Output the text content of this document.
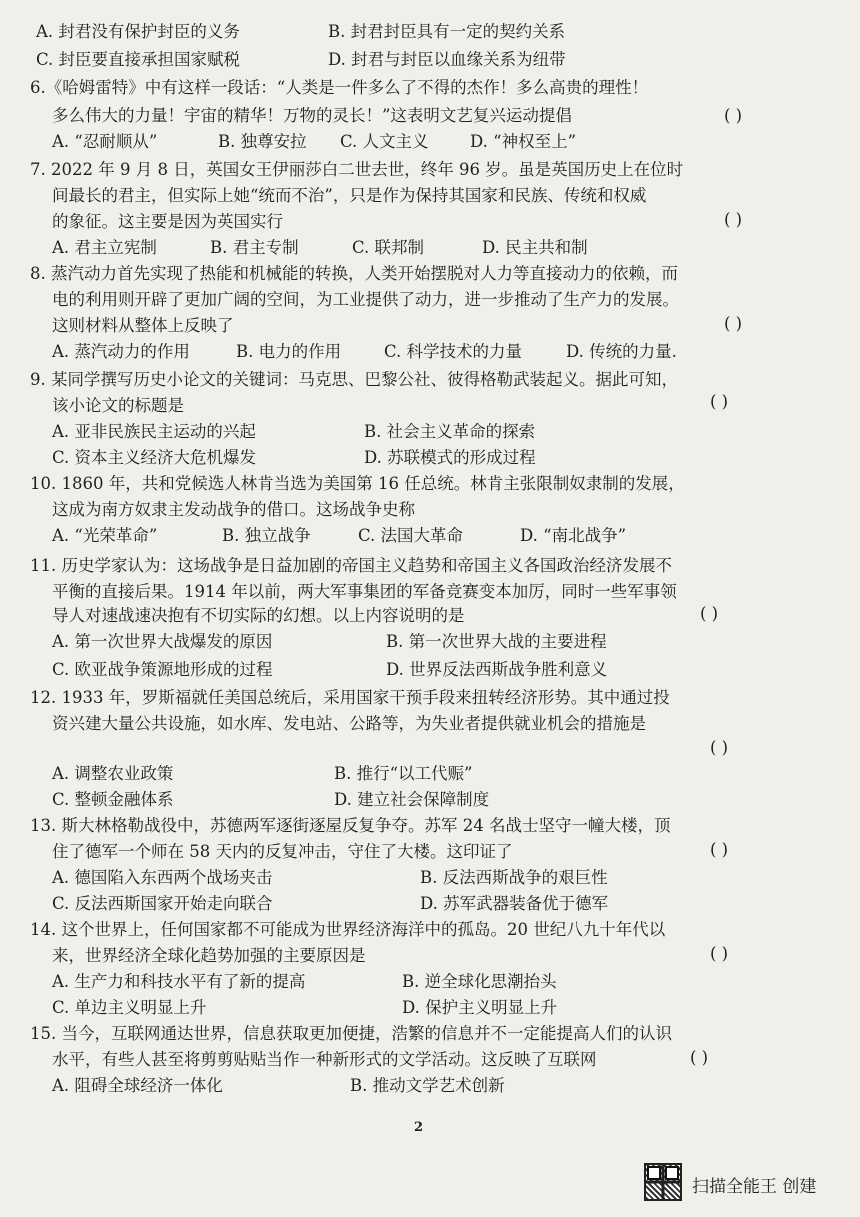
A. 封君没有保护封臣的义务	B. 封君封臣具有一定的契约关系
C. 封臣要直接承担国家赋税	D. 封君与封臣以血缘关系为纽带
6.《哈姆雷特》中有这样一段话：“人类是一件多么了不得的杰作！多么高贵的理性！
多么伟大的力量！宇宙的精华！万物的灵长！”这表明文艺复兴运动提倡	( )
A. “忍耐顺从”	B. 独尊安拉 C. 人文主义	D. “神权至上”
7. 2022 年 9 月 8 日，英国女王伊丽莎白二世去世，终年 96 岁。虽是英国历史上在位时
间最长的君主，但实际上她“统而不治”，只是作为保持其国家和民族、传统和权威
的象征。这主要是因为英国实行	( )
A. 君主立宪制	B. 君主专制	C. 联邦制	D. 民主共和制
8. 蒸汽动力首先实现了热能和机械能的转换，人类开始摆脱对人力等直接动力的依赖，而
电的利用则开辟了更加广阔的空间，为工业提供了动力，进一步推动了生产力的发展。
这则材料从整体上反映了	( )
A. 蒸汽动力的作用	B. 电力的作用	C. 科学技术的力量	D. 传统的力量.
9. 某同学撰写历史小论文的关键词：马克思、巴黎公社、彼得格勒武装起义。据此可知，
该小论文的标题是	( )
A. 亚非民族民主运动的兴起	B. 社会主义革命的探索
C. 资本主义经济大危机爆发	D. 苏联模式的形成过程
10. 1860 年，共和党候选人林肯当选为美国第 16 任总统。林肯主张限制奴隶制的发展，
这成为南方奴隶主发动战争的借口。这场战争史称
A. “光荣革命”	B. 独立战争	C. 法国大革命	D. “南北战争”
11. 历史学家认为：这场战争是日益加剧的帝国主义趋势和帝国主义各国政治经济发展不
平衡的直接后果。1914 年以前，两大军事集团的军备竞赛变本加厉，同时一些军事领
导人对速战速决抱有不切实际的幻想。以上内容说明的是	( )
A. 第一次世界大战爆发的原因	B. 第一次世界大战的主要进程
C. 欧亚战争策源地形成的过程	D. 世界反法西斯战争胜利意义
12. 1933 年，罗斯福就任美国总统后，采用国家干预手段来扭转经济形势。其中通过投
资兴建大量公共设施，如水库、发电站、公路等，为失业者提供就业机会的措施是
( )
A. 调整农业政策	B. 推行“以工代赈”
C. 整顿金融体系	D. 建立社会保障制度
13. 斯大林格勒战役中，苏德两军逐街逐屋反复争夺。苏军 24 名战士坚守一幢大楼，顶
住了德军一个师在 58 天内的反复冲击，守住了大楼。这印证了	( )
A. 德国陷入东西两个战场夹击	B. 反法西斯战争的艰巨性
C. 反法西斯国家开始走向联合	D. 苏军武器装备优于德军
14. 这个世界上，任何国家都不可能成为世界经济海洋中的孤岛。20 世纪八九十年代以
来，世界经济全球化趋势加强的主要原因是	( )
A. 生产力和科技水平有了新的提高	B. 逆全球化思潮抬头
C. 单边主义明显上升	D. 保护主义明显上升
15. 当今，互联网通达世界，信息获取更加便捷，浩繁的信息并不一定能提高人们的认识
水平，有些人甚至将剪剪贴贴当作一种新形式的文学活动。这反映了互联网	( )
A. 阻碍全球经济一体化	B. 推动文学艺术创新
2
扫描全能王 创建
